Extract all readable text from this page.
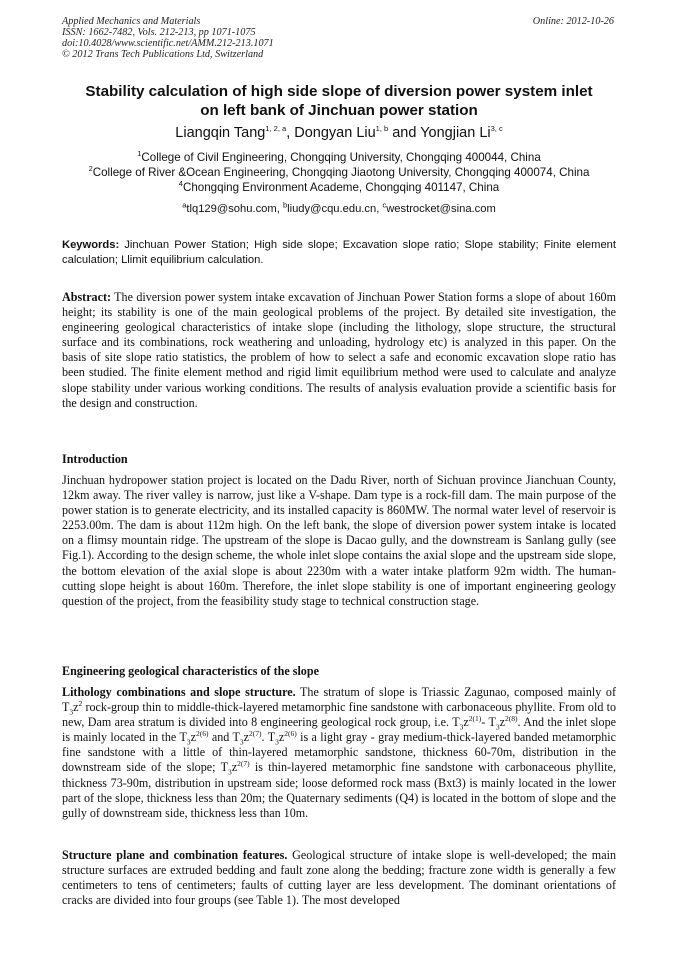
Applied Mechanics and Materials
ISSN: 1662-7482, Vols. 212-213, pp 1071-1075
doi:10.4028/www.scientific.net/AMM.212-213.1071
© 2012 Trans Tech Publications Ltd, Switzerland
Online: 2012-10-26
Stability calculation of high side slope of diversion power system inlet
on left bank of Jinchuan power station
Liangqin Tang$^{1, 2, a}$, Dongyan Liu$^{1, b}$ and Yongjian Li$^{3, c}$
$^1$College of Civil Engineering, Chongqing University, Chongqing 400044, China
$^2$College of River &Ocean Engineering, Chongqing Jiaotong University, Chongqing 400074, China
$^4$Chongqing Environment Academe, Chongqing 401147, China
$^a$tlq129@sohu.com, $^b$liudy@cqu.edu.cn, $^c$westrocket@sina.com
Keywords: Jinchuan Power Station; High side slope; Excavation slope ratio; Slope stability; Finite element calculation; Llimit equilibrium calculation.
Abstract: The diversion power system intake excavation of Jinchuan Power Station forms a slope of about 160m height; its stability is one of the main geological problems of the project. By detailed site investigation, the engineering geological characteristics of intake slope (including the lithology, slope structure, the structural surface and its combinations, rock weathering and unloading, hydrology etc) is analyzed in this paper. On the basis of site slope ratio statistics, the problem of how to select a safe and economic excavation slope ratio has been studied. The finite element method and rigid limit equilibrium method were used to calculate and analyze slope stability under various working conditions. The results of analysis evaluation provide a scientific basis for the design and construction.
Introduction
Jinchuan hydropower station project is located on the Dadu River, north of Sichuan province Jianchuan County, 12km away. The river valley is narrow, just like a V-shape. Dam type is a rock-fill dam. The main purpose of the power station is to generate electricity, and its installed capacity is 860MW. The normal water level of reservoir is 2253.00m. The dam is about 112m high. On the left bank, the slope of diversion power system intake is located on a flimsy mountain ridge. The upstream of the slope is Dacao gully, and the downstream is Sanlang gully (see Fig.1). According to the design scheme, the whole inlet slope contains the axial slope and the upstream side slope, the bottom elevation of the axial slope is about 2230m with a water intake platform 92m width. The human-cutting slope height is about 160m. Therefore, the inlet slope stability is one of important engineering geology question of the project, from the feasibility study stage to technical construction stage.
Engineering geological characteristics of the slope
Lithology combinations and slope structure. The stratum of slope is Triassic Zagunao, composed mainly of $T_3z^2$ rock-group thin to middle-thick-layered metamorphic fine sandstone with carbonaceous phyllite. From old to new, Dam area stratum is divided into 8 engineering geological rock group, i.e. $T_3z^{2(1)}-$ $T_3z^{2(8)}$. And the inlet slope is mainly located in the $T_3z^{2(6)}$ and $T_3z^{2(7)}$. $T_3z^{2(6)}$ is a light gray - gray medium-thick-layered banded metamorphic fine sandstone with a little of thin-layered metamorphic sandstone, thickness 60-70m, distribution in the downstream side of the slope; $T_3z^{2(7)}$ is thin-layered metamorphic fine sandstone with carbonaceous phyllite, thickness 73-90m, distribution in upstream side; loose deformed rock mass (Bxt3) is mainly located in the lower part of the slope, thickness less than 20m; the Quaternary sediments (Q4) is located in the bottom of slope and the gully of downstream side, thickness less than 10m.
Structure plane and combination features. Geological structure of intake slope is well-developed; the main structure surfaces are extruded bedding and fault zone along the bedding; fracture zone width is generally a few centimeters to tens of centimeters; faults of cutting layer are less development. The dominant orientations of cracks are divided into four groups (see Table 1). The most developed
